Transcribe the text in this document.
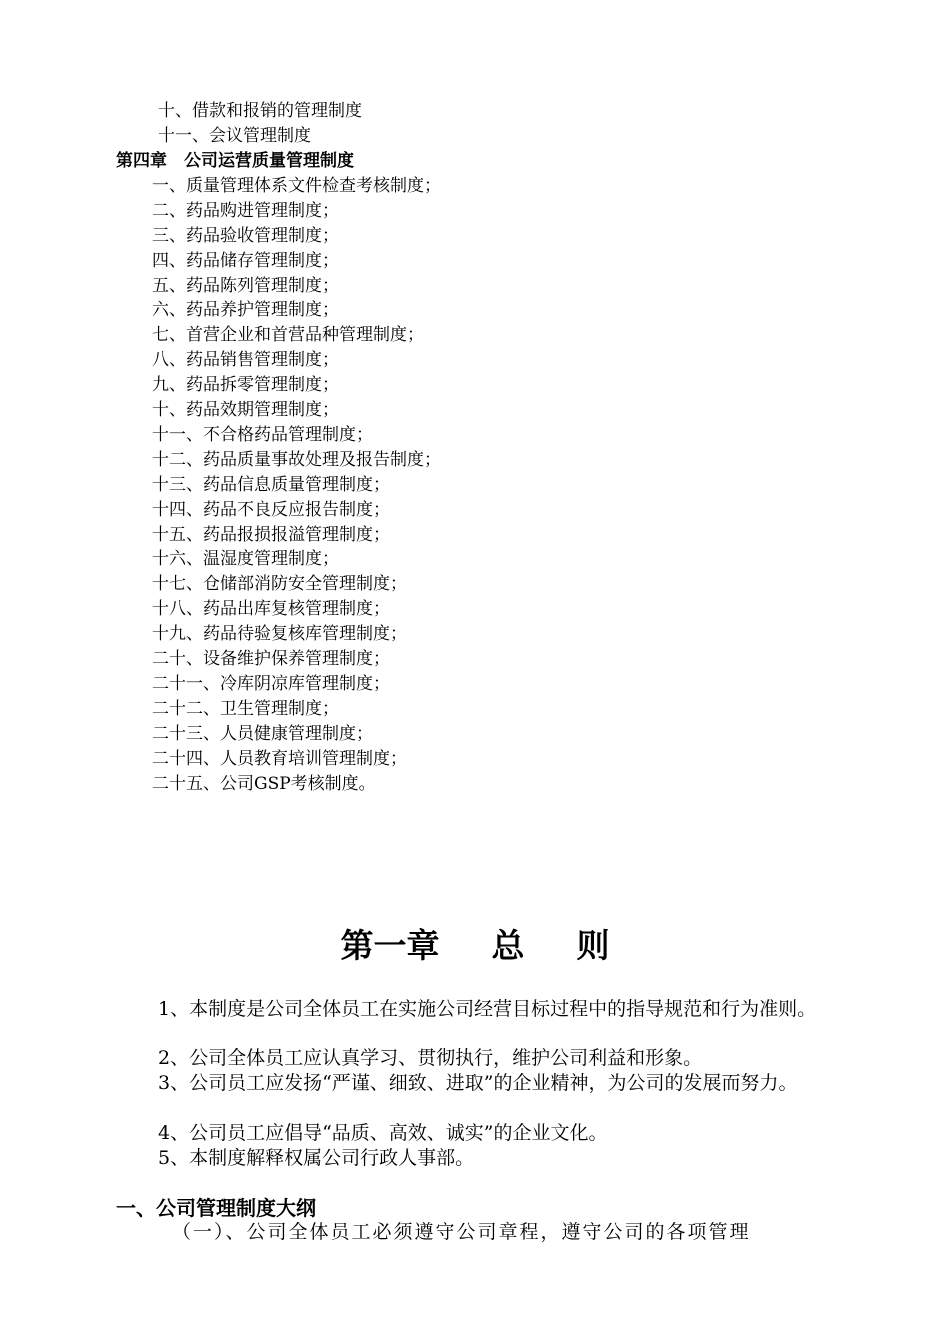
十、借款和报销的管理制度
十一、会议管理制度
第四章　公司运营质量管理制度
一、质量管理体系文件检查考核制度；
二、药品购进管理制度；
三、药品验收管理制度；
四、药品储存管理制度；
五、药品陈列管理制度；
六、药品养护管理制度；
七、首营企业和首营品种管理制度；
八、药品销售管理制度；
九、药品拆零管理制度；
十、药品效期管理制度；
十一、不合格药品管理制度；
十二、药品质量事故处理及报告制度；
十三、药品信息质量管理制度；
十四、药品不良反应报告制度；
十五、药品报损报溢管理制度；
十六、温湿度管理制度；
十七、仓储部消防安全管理制度；
十八、药品出库复核管理制度；
十九、药品待验复核库管理制度；
二十、设备维护保养管理制度；
二十一、冷库阴凉库管理制度；
二十二、卫生管理制度；
二十三、人员健康管理制度；
二十四、人员教育培训管理制度；
二十五、公司GSP考核制度。
第一章 总 则
1、本制度是公司全体员工在实施公司经营目标过程中的指导规范和行为准则。
2、公司全体员工应认真学习、贯彻执行，维护公司利益和形象。
3、公司员工应发扬“严谨、细致、进取”的企业精神，为公司的发展而努力。
4、公司员工应倡导“品质、高效、诚实”的企业文化。
5、本制度解释权属公司行政人事部。
一、公司管理制度大纲
（一）、公司全体员工必须遵守公司章程，遵守公司的各项管理
